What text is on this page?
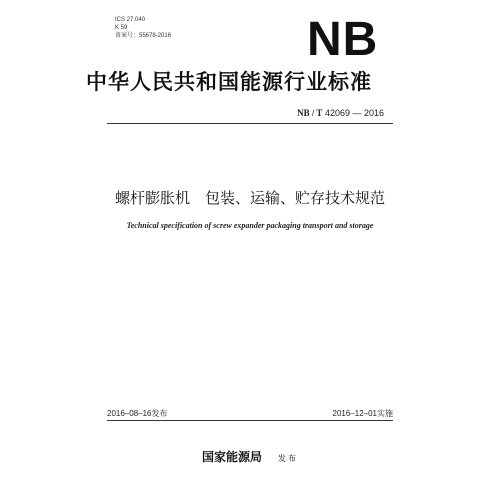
ICS 27.040
K 59
备案号：55678-2016	NB
中华人民共和国能源行业标准
NB / T 42069 — 2016
螺杆膨胀机　包装、运输、贮存技术规范
Technical specification of screw expander packaging transport and storage
2016–08–16发布	2016–12–01实施
国家能源局 发布
